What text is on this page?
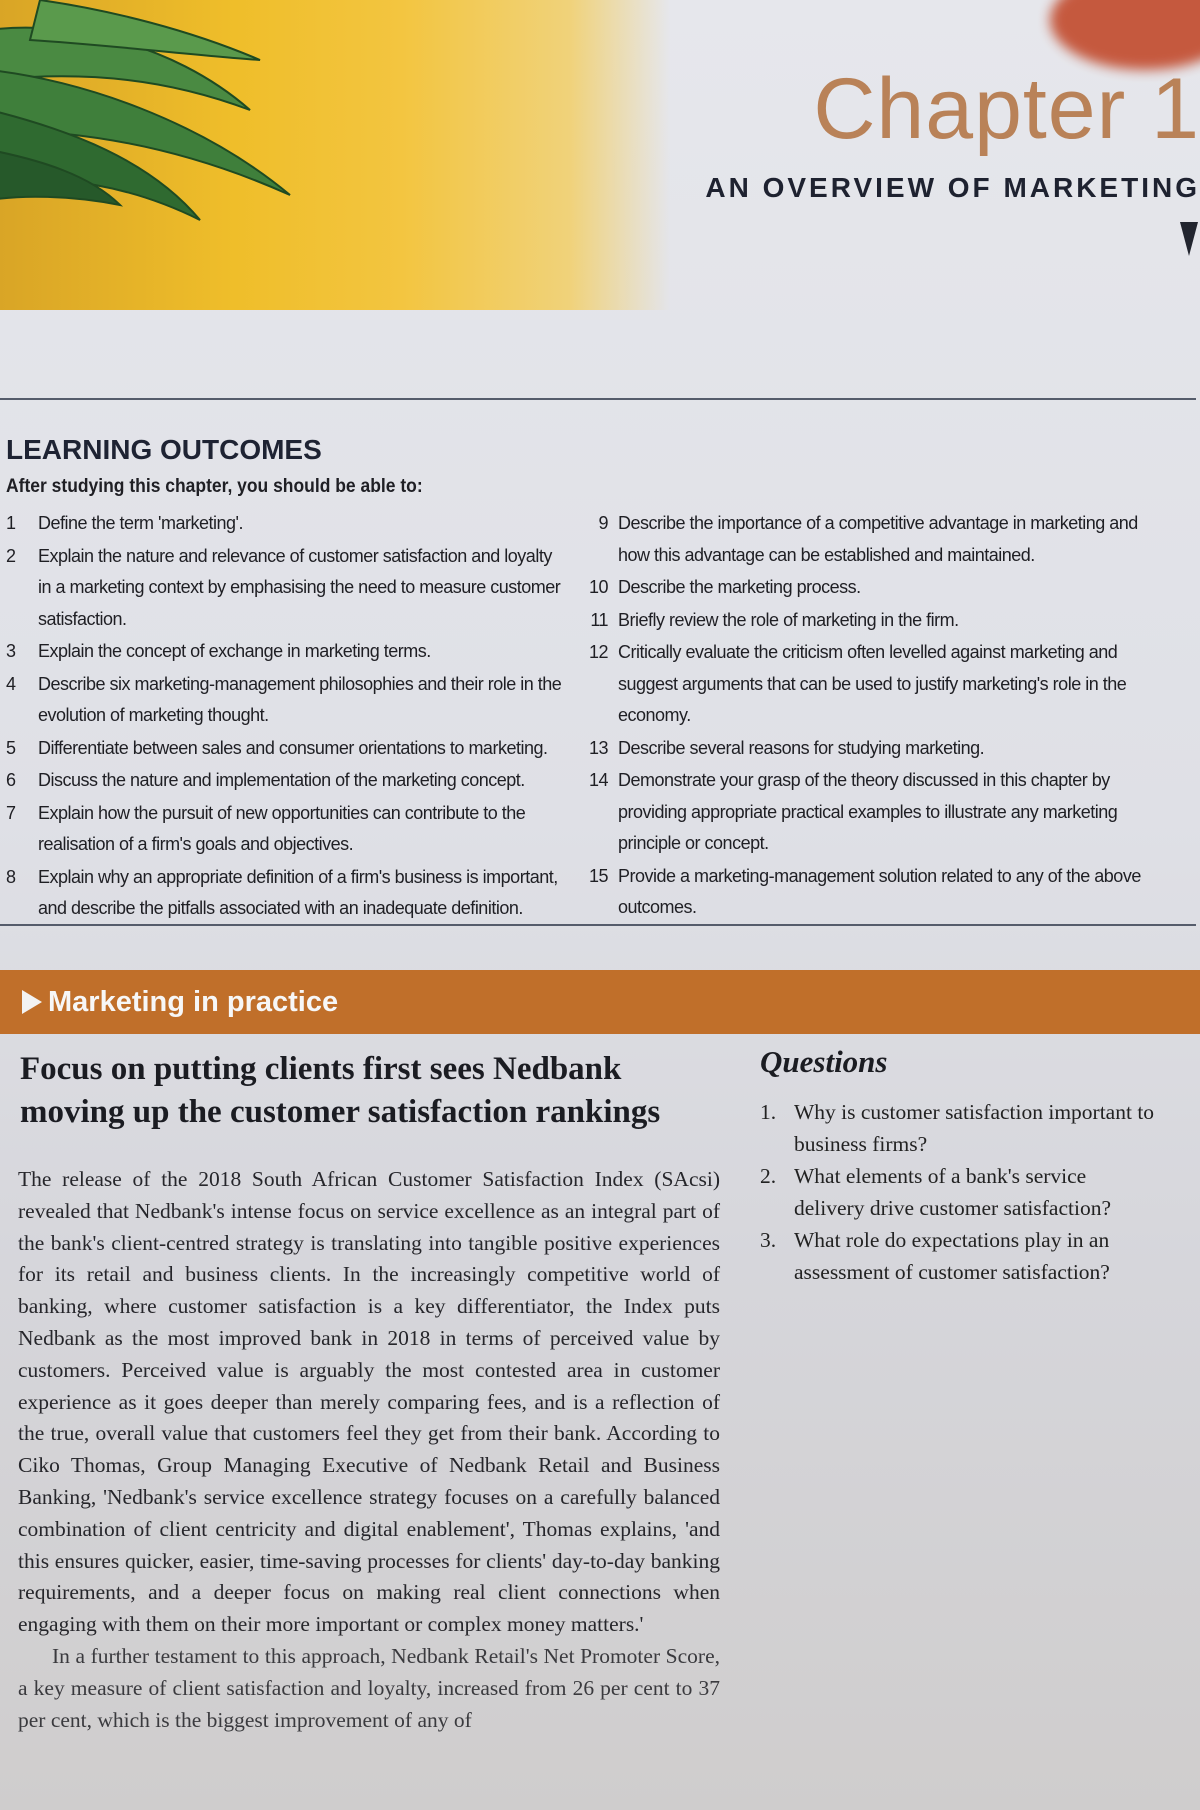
Chapter 1
AN OVERVIEW OF MARKETING
LEARNING OUTCOMES
After studying this chapter, you should be able to:
1	Define the term 'marketing'.
2	Explain the nature and relevance of customer satisfaction and loyalty in a marketing context by emphasising the need to measure customer satisfaction.
3	Explain the concept of exchange in marketing terms.
4	Describe six marketing-management philosophies and their role in the evolution of marketing thought.
5	Differentiate between sales and consumer orientations to marketing.
6	Discuss the nature and implementation of the marketing concept.
7	Explain how the pursuit of new opportunities can contribute to the realisation of a firm's goals and objectives.
8	Explain why an appropriate definition of a firm's business is important, and describe the pitfalls associated with an inadequate definition.
9 Describe the importance of a competitive advantage in marketing and how this advantage can be established and maintained.
10 Describe the marketing process.
11 Briefly review the role of marketing in the firm.
12 Critically evaluate the criticism often levelled against marketing and suggest arguments that can be used to justify marketing's role in the economy.
13 Describe several reasons for studying marketing.
14 Demonstrate your grasp of the theory discussed in this chapter by providing appropriate practical examples to illustrate any marketing principle or concept.
15 Provide a marketing-management solution related to any of the above outcomes.
Marketing in practice
Focus on putting clients first sees Nedbank moving up the customer satisfaction rankings

The release of the 2018 South African Customer Satisfaction Index (SAcsi) revealed that Nedbank's intense focus on service excellence as an integral part of the bank's client-centred strategy is translating into tangible positive experiences for its retail and business clients. In the increasingly competitive world of banking, where customer satisfaction is a key differentiator, the Index puts Nedbank as the most improved bank in 2018 in terms of perceived value by customers. Perceived value is arguably the most contested area in customer experience as it goes deeper than merely comparing fees, and is a reflection of the true, overall value that customers feel they get from their bank. According to Ciko Thomas, Group Managing Executive of Nedbank Retail and Business Banking, 'Nedbank's service excellence strategy focuses on a carefully balanced combination of client centricity and digital enablement', Thomas explains, 'and this ensures quicker, easier, time-saving processes for clients' day-to-day banking requirements, and a deeper focus on making real client connections when engaging with them on their more important or complex money matters.'

In a further testament to this approach, Nedbank Retail's Net Promoter Score, a key measure of client satisfaction and loyalty, increased from 26 per cent to 37 per cent, which is the biggest improvement of any of

Questions
1. Why is customer satisfaction important to business firms?
2. What elements of a bank's service delivery drive customer satisfaction?
3. What role do expectations play in an assessment of customer satisfaction?
